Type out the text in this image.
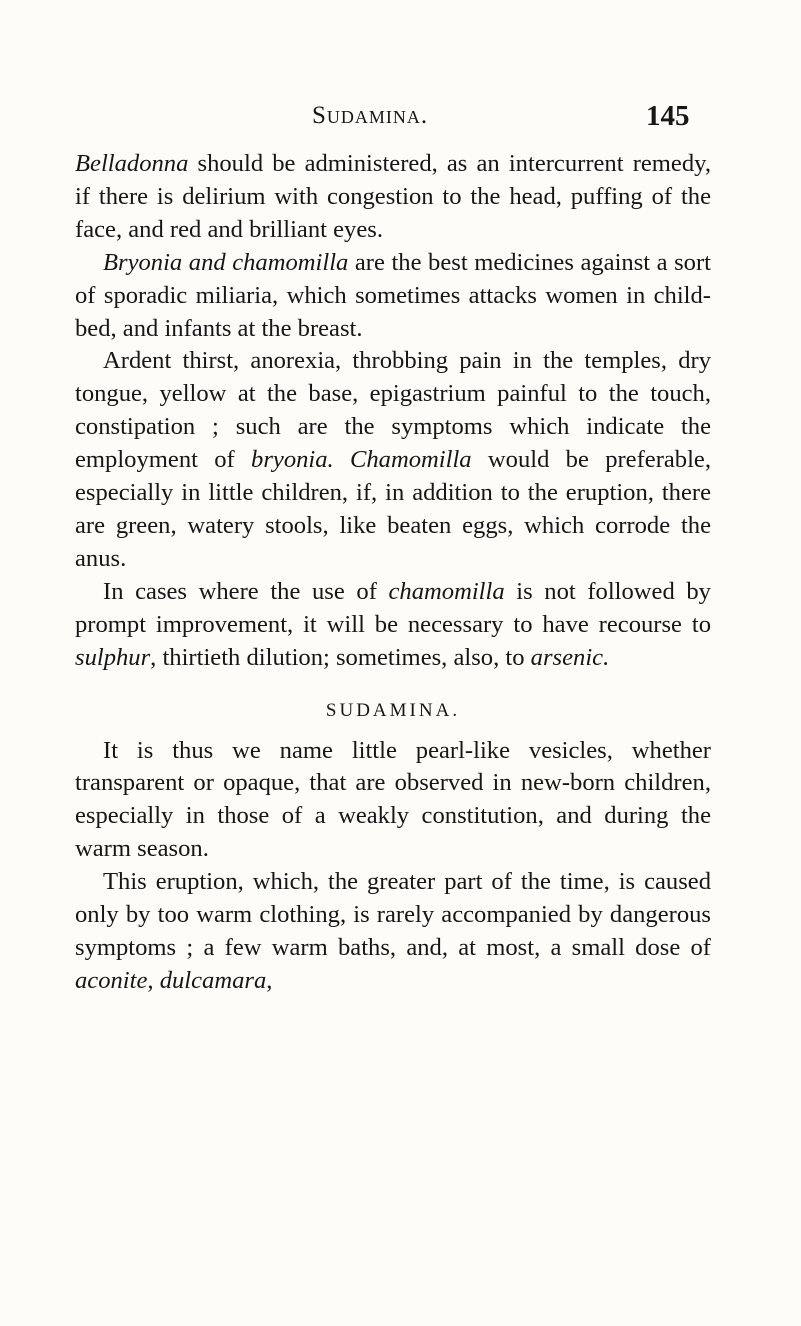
Sudamina.	145

Belladonna should be administered, as an intercurrent remedy, if there is delirium with congestion to the head, puffing of the face, and red and brilliant eyes.

Bryonia and chamomilla are the best medicines against a sort of sporadic miliaria, which sometimes attacks women in child-bed, and infants at the breast.

Ardent thirst, anorexia, throbbing pain in the temples, dry tongue, yellow at the base, epigastrium painful to the touch, constipation ; such are the symptoms which indicate the employment of bryonia. Chamomilla would be preferable, especially in little children, if, in addition to the eruption, there are green, watery stools, like beaten eggs, which corrode the anus.

In cases where the use of chamomilla is not followed by prompt improvement, it will be necessary to have recourse to sulphur, thirtieth dilution; sometimes, also, to arsenic.

SUDAMINA.

It is thus we name little pearl-like vesicles, whether transparent or opaque, that are observed in new-born children, especially in those of a weakly constitution, and during the warm season.

This eruption, which, the greater part of the time, is caused only by too warm clothing, is rarely accompanied by dangerous symptoms ; a few warm baths, and, at most, a small dose of aconite, dulcamara,
